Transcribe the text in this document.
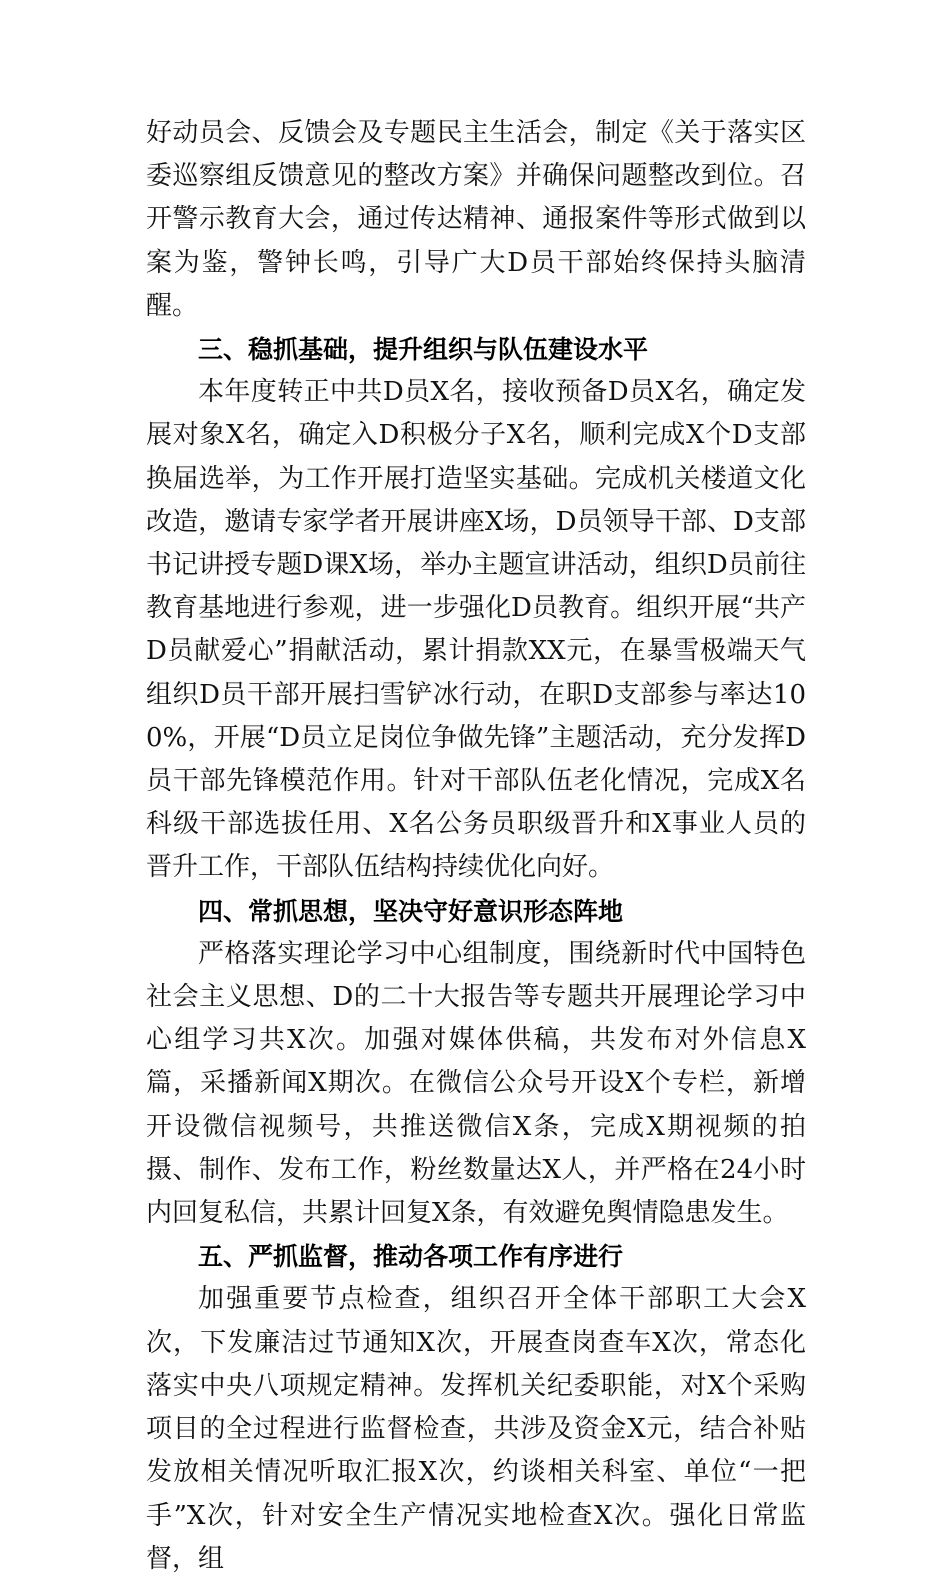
好动员会、反馈会及专题民主生活会，制定《关于落实区委巡察组反馈意见的整改方案》并确保问题整改到位。召开警示教育大会，通过传达精神、通报案件等形式做到以案为鉴，警钟长鸣，引导广大D员干部始终保持头脑清醒。

三、稳抓基础，提升组织与队伍建设水平

本年度转正中共D员X名，接收预备D员X名，确定发展对象X名，确定入D积极分子X名，顺利完成X个D支部换届选举，为工作开展打造坚实基础。完成机关楼道文化改造，邀请专家学者开展讲座X场，D员领导干部、D支部书记讲授专题D课X场，举办主题宣讲活动，组织D员前往教育基地进行参观，进一步强化D员教育。组织开展“共产D员献爱心”捐献活动，累计捐款XX元，在暴雪极端天气组织D员干部开展扫雪铲冰行动，在职D支部参与率达100%，开展“D员立足岗位争做先锋”主题活动，充分发挥D员干部先锋模范作用。针对干部队伍老化情况，完成X名科级干部选拔任用、X名公务员职级晋升和X事业人员的晋升工作，干部队伍结构持续优化向好。

四、常抓思想，坚决守好意识形态阵地

严格落实理论学习中心组制度，围绕新时代中国特色社会主义思想、D的二十大报告等专题共开展理论学习中心组学习共X次。加强对媒体供稿，共发布对外信息X篇，采播新闻X期次。在微信公众号开设X个专栏，新增开设微信视频号，共推送微信X条，完成X期视频的拍摄、制作、发布工作，粉丝数量达X人，并严格在24小时内回复私信，共累计回复X条，有效避免舆情隐患发生。

五、严抓监督，推动各项工作有序进行

加强重要节点检查，组织召开全体干部职工大会X次，下发廉洁过节通知X次，开展查岗查车X次，常态化落实中央八项规定精神。发挥机关纪委职能，对X个采购项目的全过程进行监督检查，共涉及资金X元，结合补贴发放相关情况听取汇报X次，约谈相关科室、单位“一把手”X次，针对安全生产情况实地检查X次。强化日常监督，组
